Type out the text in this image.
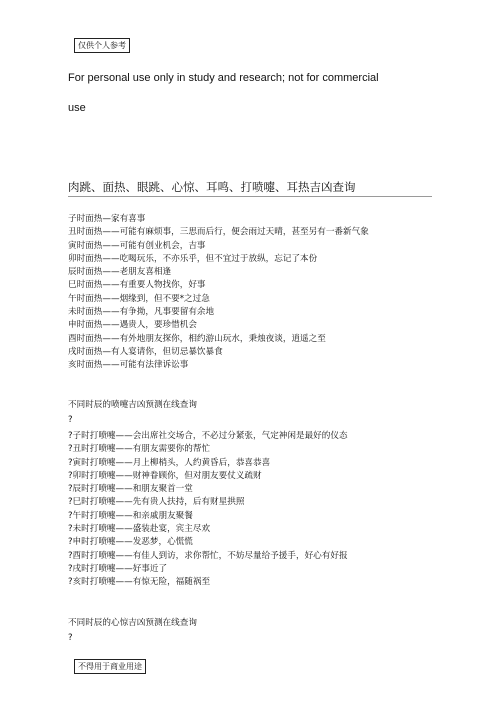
仅供个人参考
For personal use only in study and research; not for commercial
use
肉跳、面热、眼跳、心惊、耳鸣、打喷嚏、耳热吉凶查询
子时面热—家有喜事
丑时面热——可能有麻烦事，三思而后行，便会雨过天晴，甚至另有一番新气象
寅时面热——可能有创业机会，吉事
卯时面热——吃喝玩乐，不亦乐乎，但不宜过于放纵，忘记了本份
辰时面热——老朋友喜相逢
巳时面热——有重要人物找你，好事
午时面热——烟缘到，但不要*之过急
未时面热——有争拗，凡事要留有余地
申时面热——遇贵人，要珍惜机会
酉时面热——有外地朋友探你，相约游山玩水，秉烛夜谈，逍遥之至
戌时面热—有人宴请你，但切忌暴饮暴食
亥时面热——可能有法律诉讼事
不同时辰的喷嚏吉凶预测在线查询
?
?子时打喷嚏——会出席社交场合，不必过分紧张，气定神闲是最好的仪态
?丑时打喷嚏——有朋友需要你的帮忙
?寅时打喷嚏——月上柳梢头，人约黄昏后，恭喜恭喜
?卯时打喷嚏——财神眷顾你，但对朋友要仗义疏财
?辰时打喷嚏——和朋友聚首一堂
?巳时打喷嚏——先有贵人扶持，后有财星拱照
?午时打喷嚏——和亲戚朋友聚餐
?未时打喷嚏——盛装赴宴，宾主尽欢
?申时打喷嚏——发恶梦，心慌慌
?酉时打喷嚏——有佳人到访，求你帮忙，不妨尽量给予援手，好心有好报
?戌时打喷嚏——好事近了
?亥时打喷嚏——有惊无险，福随祸至
不同时辰的心惊吉凶预测在线查询
?
不得用于商业用途
